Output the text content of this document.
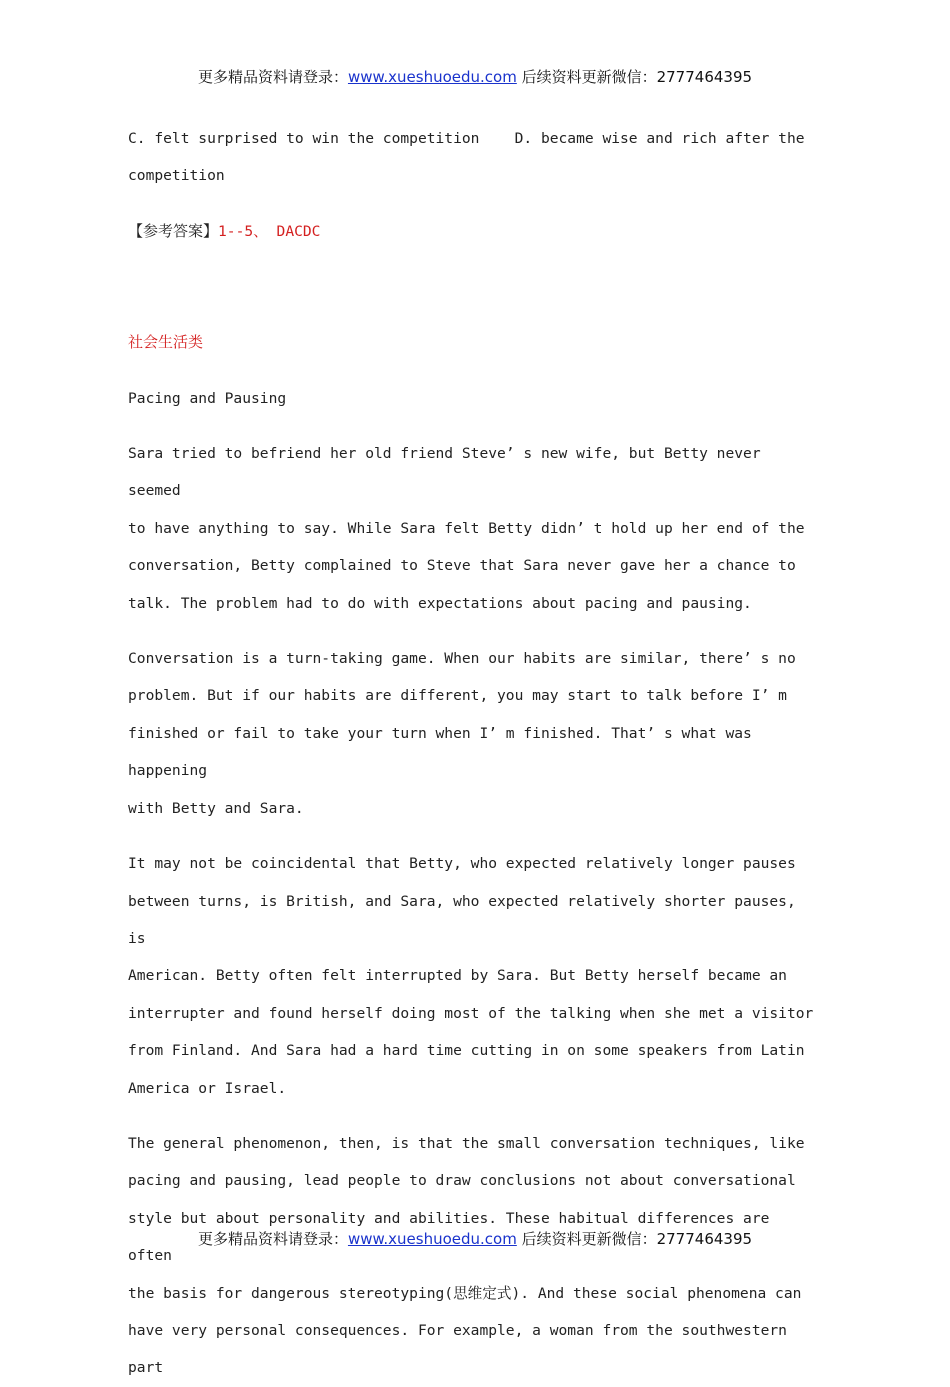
更多精品资料请登录：www.xueshuoedu.com 后续资料更新微信：2777464395

C. felt surprised to win the competition    D. became wise and rich after the

competition

【参考答案】1--5、 DACDC

社会生活类

Pacing and Pausing

Sara tried to befriend her old friend Steve’ s new wife, but Betty never seemed

to have anything to say. While Sara felt Betty didn’ t hold up her end of the

conversation, Betty complained to Steve that Sara never gave her a chance to

talk. The problem had to do with expectations about pacing and pausing.

Conversation is a turn-taking game. When our habits are similar, there’ s no

problem. But if our habits are different, you may start to talk before I’ m

finished or fail to take your turn when I’ m finished. That’ s what was happening

with Betty and Sara.

It may not be coincidental that Betty, who expected relatively longer pauses

between turns, is British, and Sara, who expected relatively shorter pauses, is

American. Betty often felt interrupted by Sara. But Betty herself became an

interrupter and found herself doing most of the talking when she met a visitor

from Finland. And Sara had a hard time cutting in on some speakers from Latin

America or Israel.

The general phenomenon, then, is that the small conversation techniques, like

pacing and pausing, lead people to draw conclusions not about conversational

style but about personality and abilities. These habitual differences are often

the basis for dangerous stereotyping(思维定式). And these social phenomena can

have very personal consequences. For example, a woman from the southwestern part

更多精品资料请登录：www.xueshuoedu.com 后续资料更新微信：2777464395
